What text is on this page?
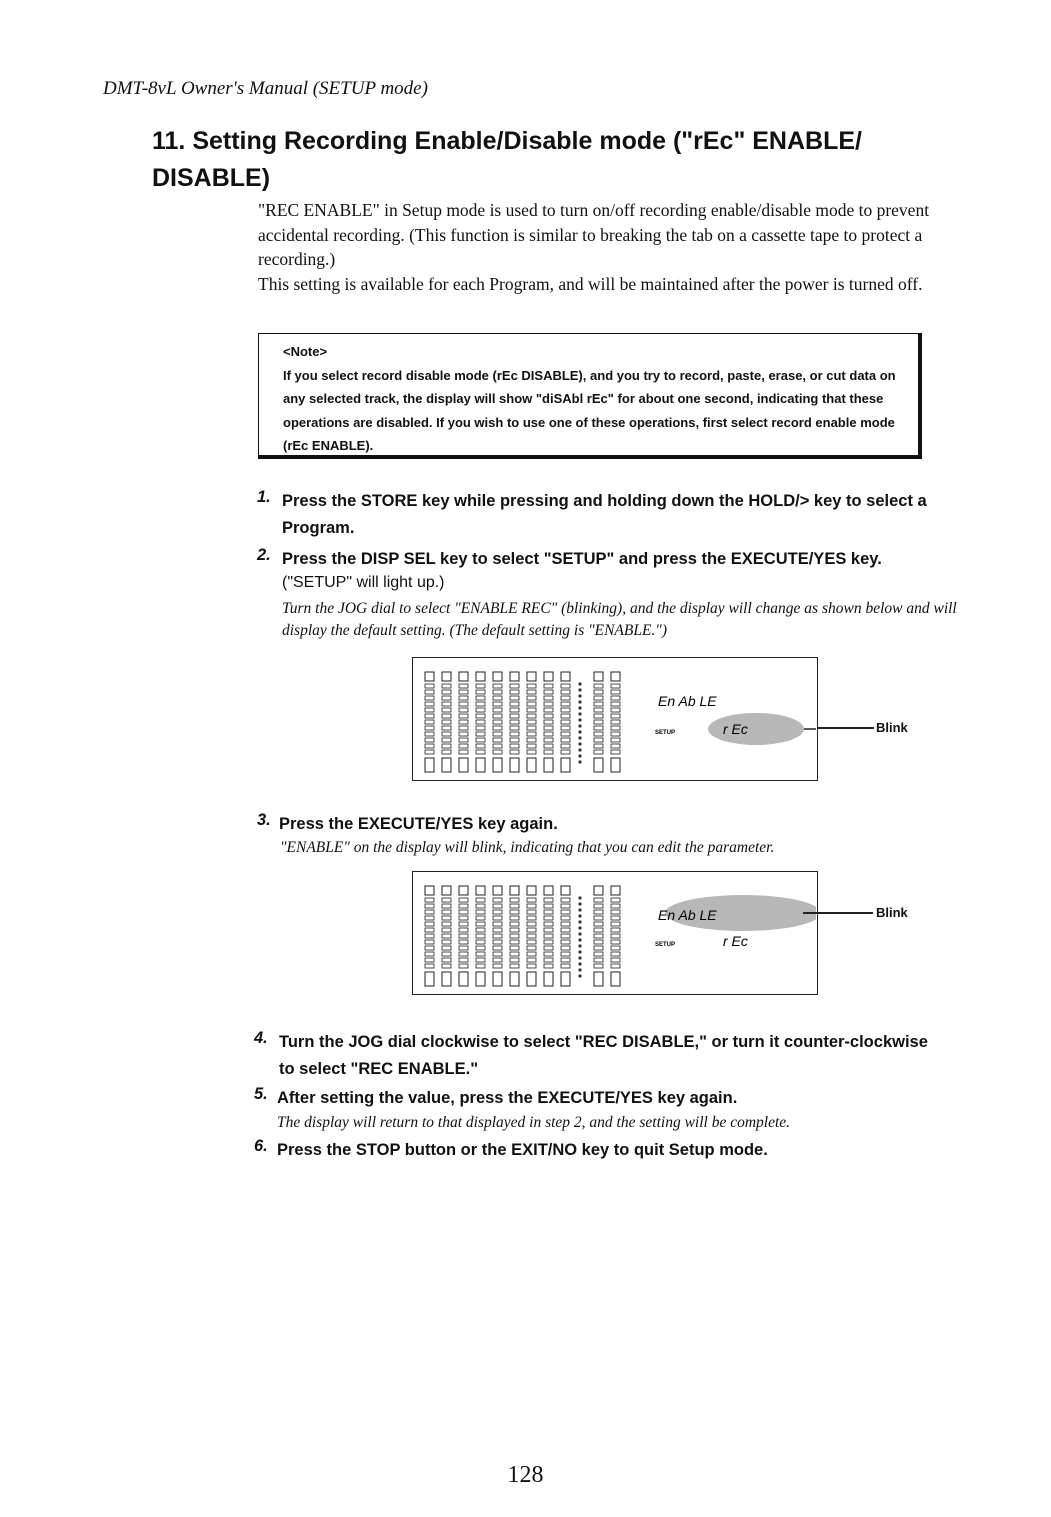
DMT-8vL Owner's Manual (SETUP mode)
11. Setting Recording Enable/Disable mode ("rEc" ENABLE/ DISABLE)

"REC ENABLE" in Setup mode is used to turn on/off recording enable/disable mode to prevent accidental recording. (This function is similar to breaking the tab on a cassette tape to protect a recording.)

This setting is available for each Program, and will be maintained after the power is turned off.

<Note>
If you select record disable mode (rEc DISABLE), and you try to record, paste, erase, or cut data on any selected track, the display will show "diSAbl rEc" for about one second, indicating that these operations are disabled. If you wish to use one of these operations, first select record enable mode (rEc ENABLE).
1. Press the STORE key while pressing and holding down the HOLD/> key to select a Program.
2. Press the DISP SEL key to select "SETUP" and press the EXECUTE/YES key.
("SETUP" will light up.)
Turn the JOG dial to select "ENABLE REC" (blinking), and the display will change as shown below and will display the default setting. (The default setting is "ENABLE.")
En Ab LE
r Ec
SETUP	Blink
3. Press the EXECUTE/YES key again.
"ENABLE" on the display will blink, indicating that you can edit the parameter.
En Ab LE
r Ec
SETUP
Blink
4. Turn the JOG dial clockwise to select "REC DISABLE," or turn it counter-clockwise to select "REC ENABLE."
5. After setting the value, press the EXECUTE/YES key again.
The display will return to that displayed in step 2, and the setting will be complete.
6. Press the STOP button or the EXIT/NO key to quit Setup mode.
128
